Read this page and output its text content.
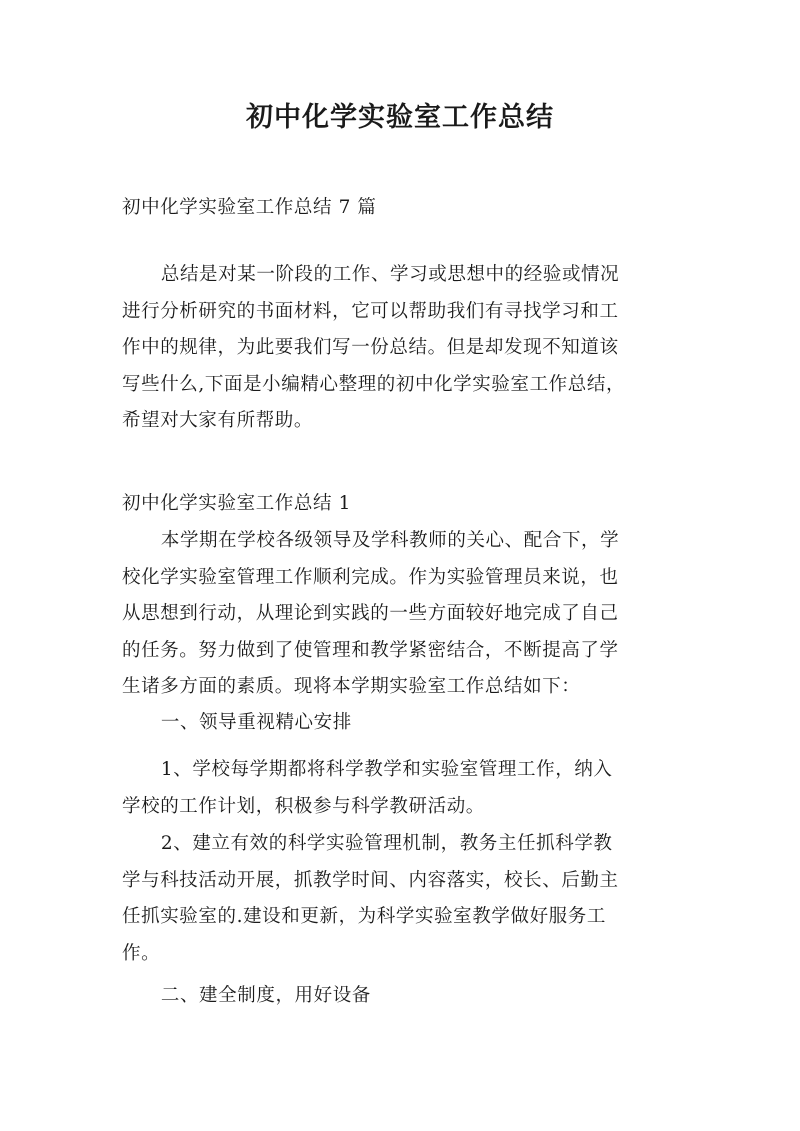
初中化学实验室工作总结

初中化学实验室工作总结 7 篇

总结是对某一阶段的工作、学习或思想中的经验或情况
进行分析研究的书面材料，它可以帮助我们有寻找学习和工
作中的规律，为此要我们写一份总结。但是却发现不知道该
写些什么,下面是小编精心整理的初中化学实验室工作总结，
希望对大家有所帮助。

初中化学实验室工作总结 1

本学期在学校各级领导及学科教师的关心、配合下，学
校化学实验室管理工作顺利完成。作为实验管理员来说，也
从思想到行动，从理论到实践的一些方面较好地完成了自己
的任务。努力做到了使管理和教学紧密结合，不断提高了学
生诸多方面的素质。现将本学期实验室工作总结如下：

一、领导重视精心安排

1、学校每学期都将科学教学和实验室管理工作，纳入
学校的工作计划，积极参与科学教研活动。
2、建立有效的科学实验管理机制，教务主任抓科学教
学与科技活动开展，抓教学时间、内容落实，校长、后勤主
任抓实验室的.建设和更新，为科学实验室教学做好服务工
作。

二、建全制度，用好设备
